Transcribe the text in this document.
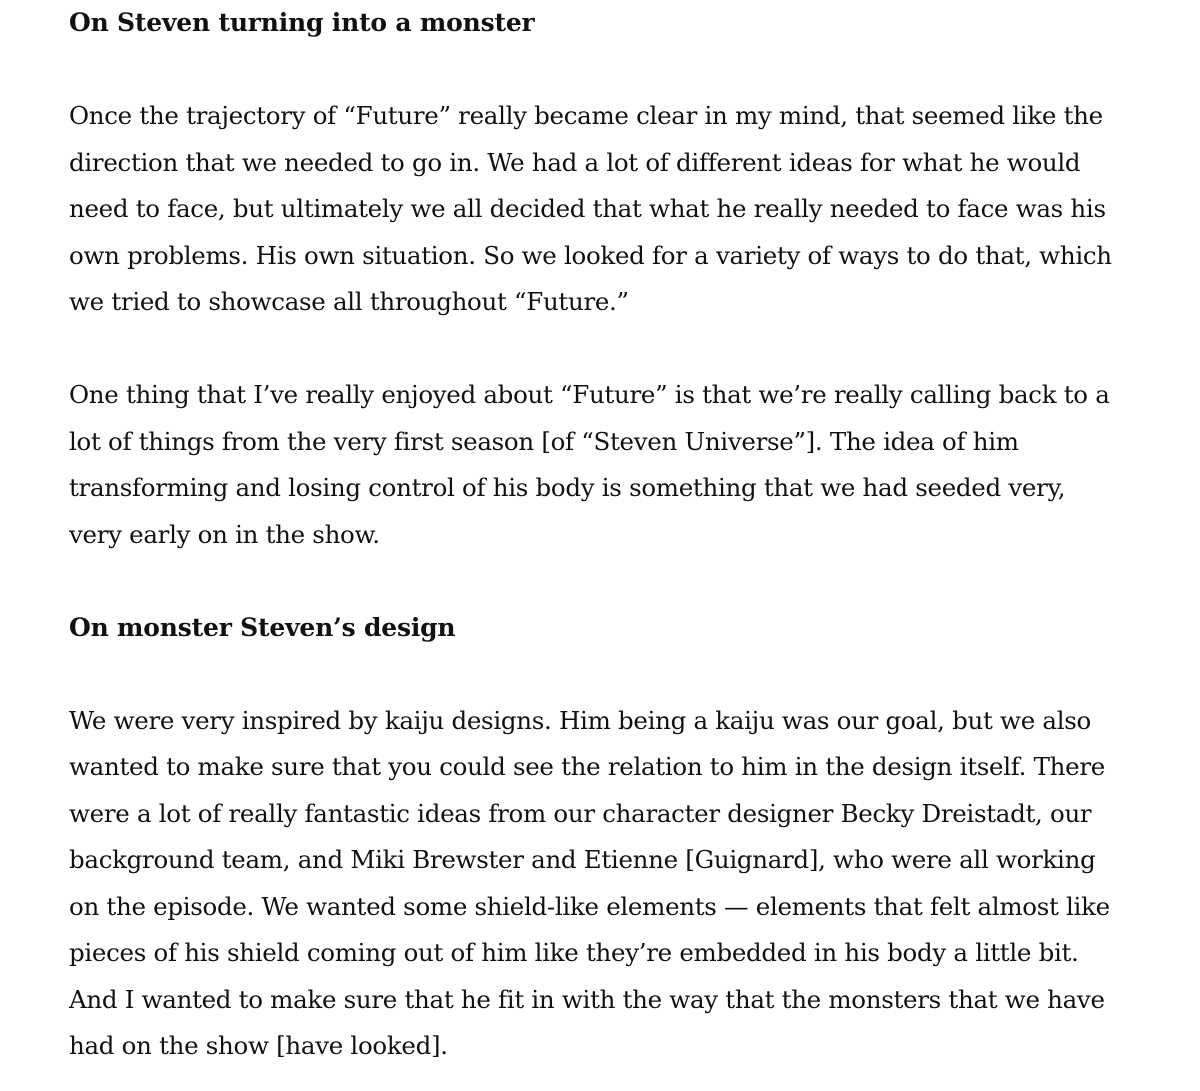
On Steven turning into a monster

Once the trajectory of “Future” really became clear in my mind, that seemed like the
direction that we needed to go in. We had a lot of different ideas for what he would
need to face, but ultimately we all decided that what he really needed to face was his
own problems. His own situation. So we looked for a variety of ways to do that, which
we tried to showcase all throughout “Future.”

One thing that I’ve really enjoyed about “Future” is that we’re really calling back to a
lot of things from the very first season [of “Steven Universe”]. The idea of him
transforming and losing control of his body is something that we had seeded very,
very early on in the show.

On monster Steven’s design

We were very inspired by kaiju designs. Him being a kaiju was our goal, but we also
wanted to make sure that you could see the relation to him in the design itself. There
were a lot of really fantastic ideas from our character designer Becky Dreistadt, our
background team, and Miki Brewster and Etienne [Guignard], who were all working
on the episode. We wanted some shield-like elements — elements that felt almost like
pieces of his shield coming out of him like they’re embedded in his body a little bit.
And I wanted to make sure that he fit in with the way that the monsters that we have
had on the show [have looked].
